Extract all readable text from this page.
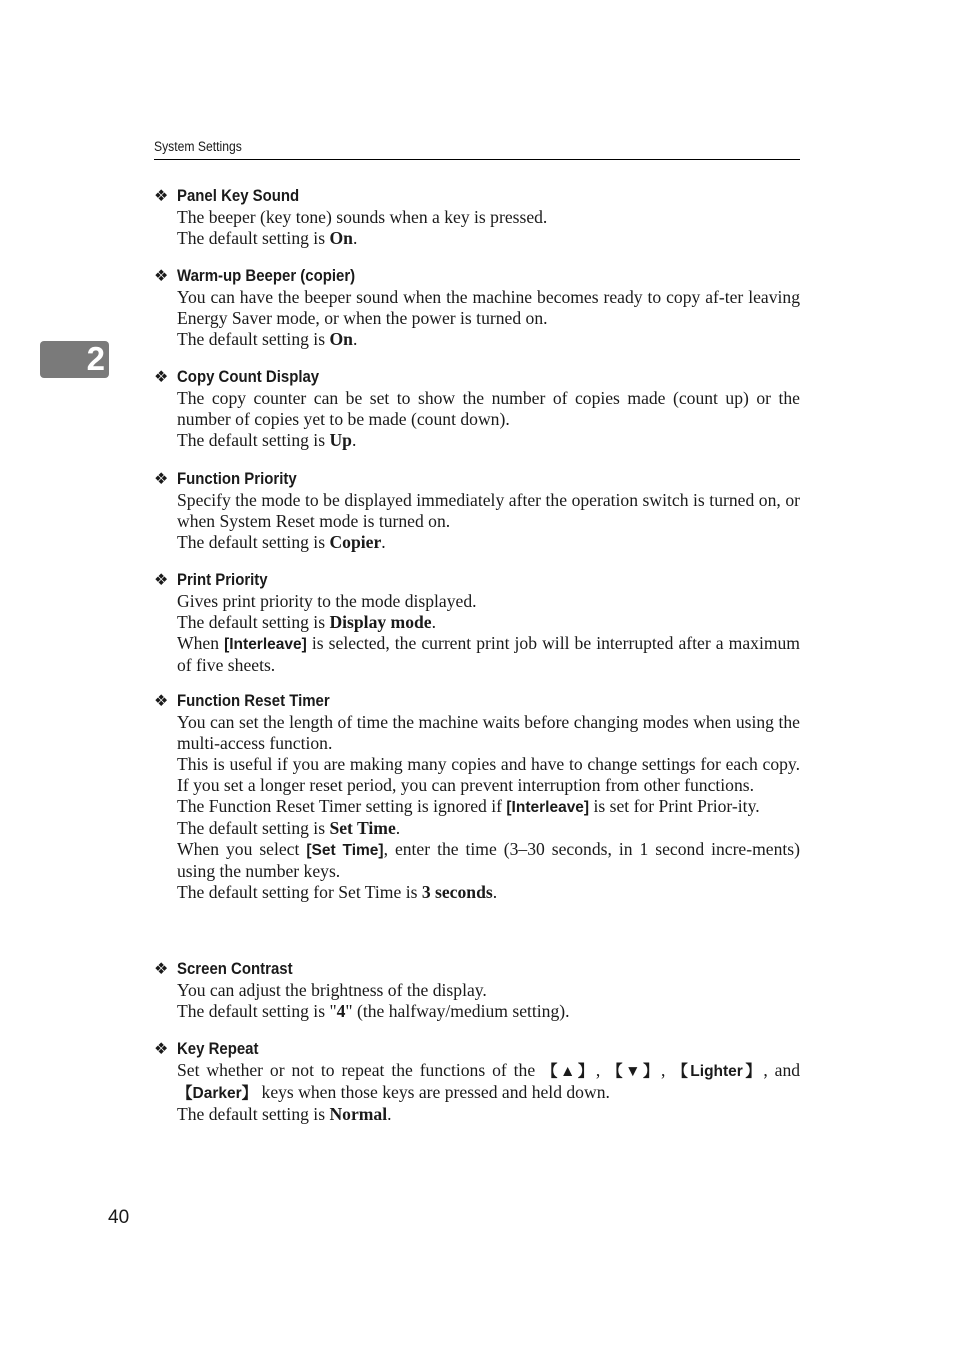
System Settings
2
❖ Panel Key Sound

The beeper (key tone) sounds when a key is pressed.

The default setting is On.

❖ Warm-up Beeper (copier)

You can have the beeper sound when the machine becomes ready to copy af-ter leaving Energy Saver mode, or when the power is turned on.

The default setting is On.

❖ Copy Count Display

The copy counter can be set to show the number of copies made (count up) or the number of copies yet to be made (count down).

The default setting is Up.

❖ Function Priority

Specify the mode to be displayed immediately after the operation switch is turned on, or when System Reset mode is turned on.

The default setting is Copier.

❖ Print Priority

Gives print priority to the mode displayed.

The default setting is Display mode.

When [Interleave] is selected, the current print job will be interrupted after a maximum of five sheets.

❖ Function Reset Timer

You can set the length of time the machine waits before changing modes when using the multi-access function.

This is useful if you are making many copies and have to change settings for each copy. If you set a longer reset period, you can prevent interruption from other functions.

The Function Reset Timer setting is ignored if [Interleave] is set for Print Prior-ity.

The default setting is Set Time.

When you select [Set Time], enter the time (3–30 seconds, in 1 second incre-ments) using the number keys.

The default setting for Set Time is 3 seconds.

❖ Screen Contrast

You can adjust the brightness of the display.

The default setting is "4" (the halfway/medium setting).

❖ Key Repeat

Set whether or not to repeat the functions of the 【▲】, 【▼】, 【Lighter】, and 【Darker】 keys when those keys are pressed and held down.

The default setting is Normal.

40
